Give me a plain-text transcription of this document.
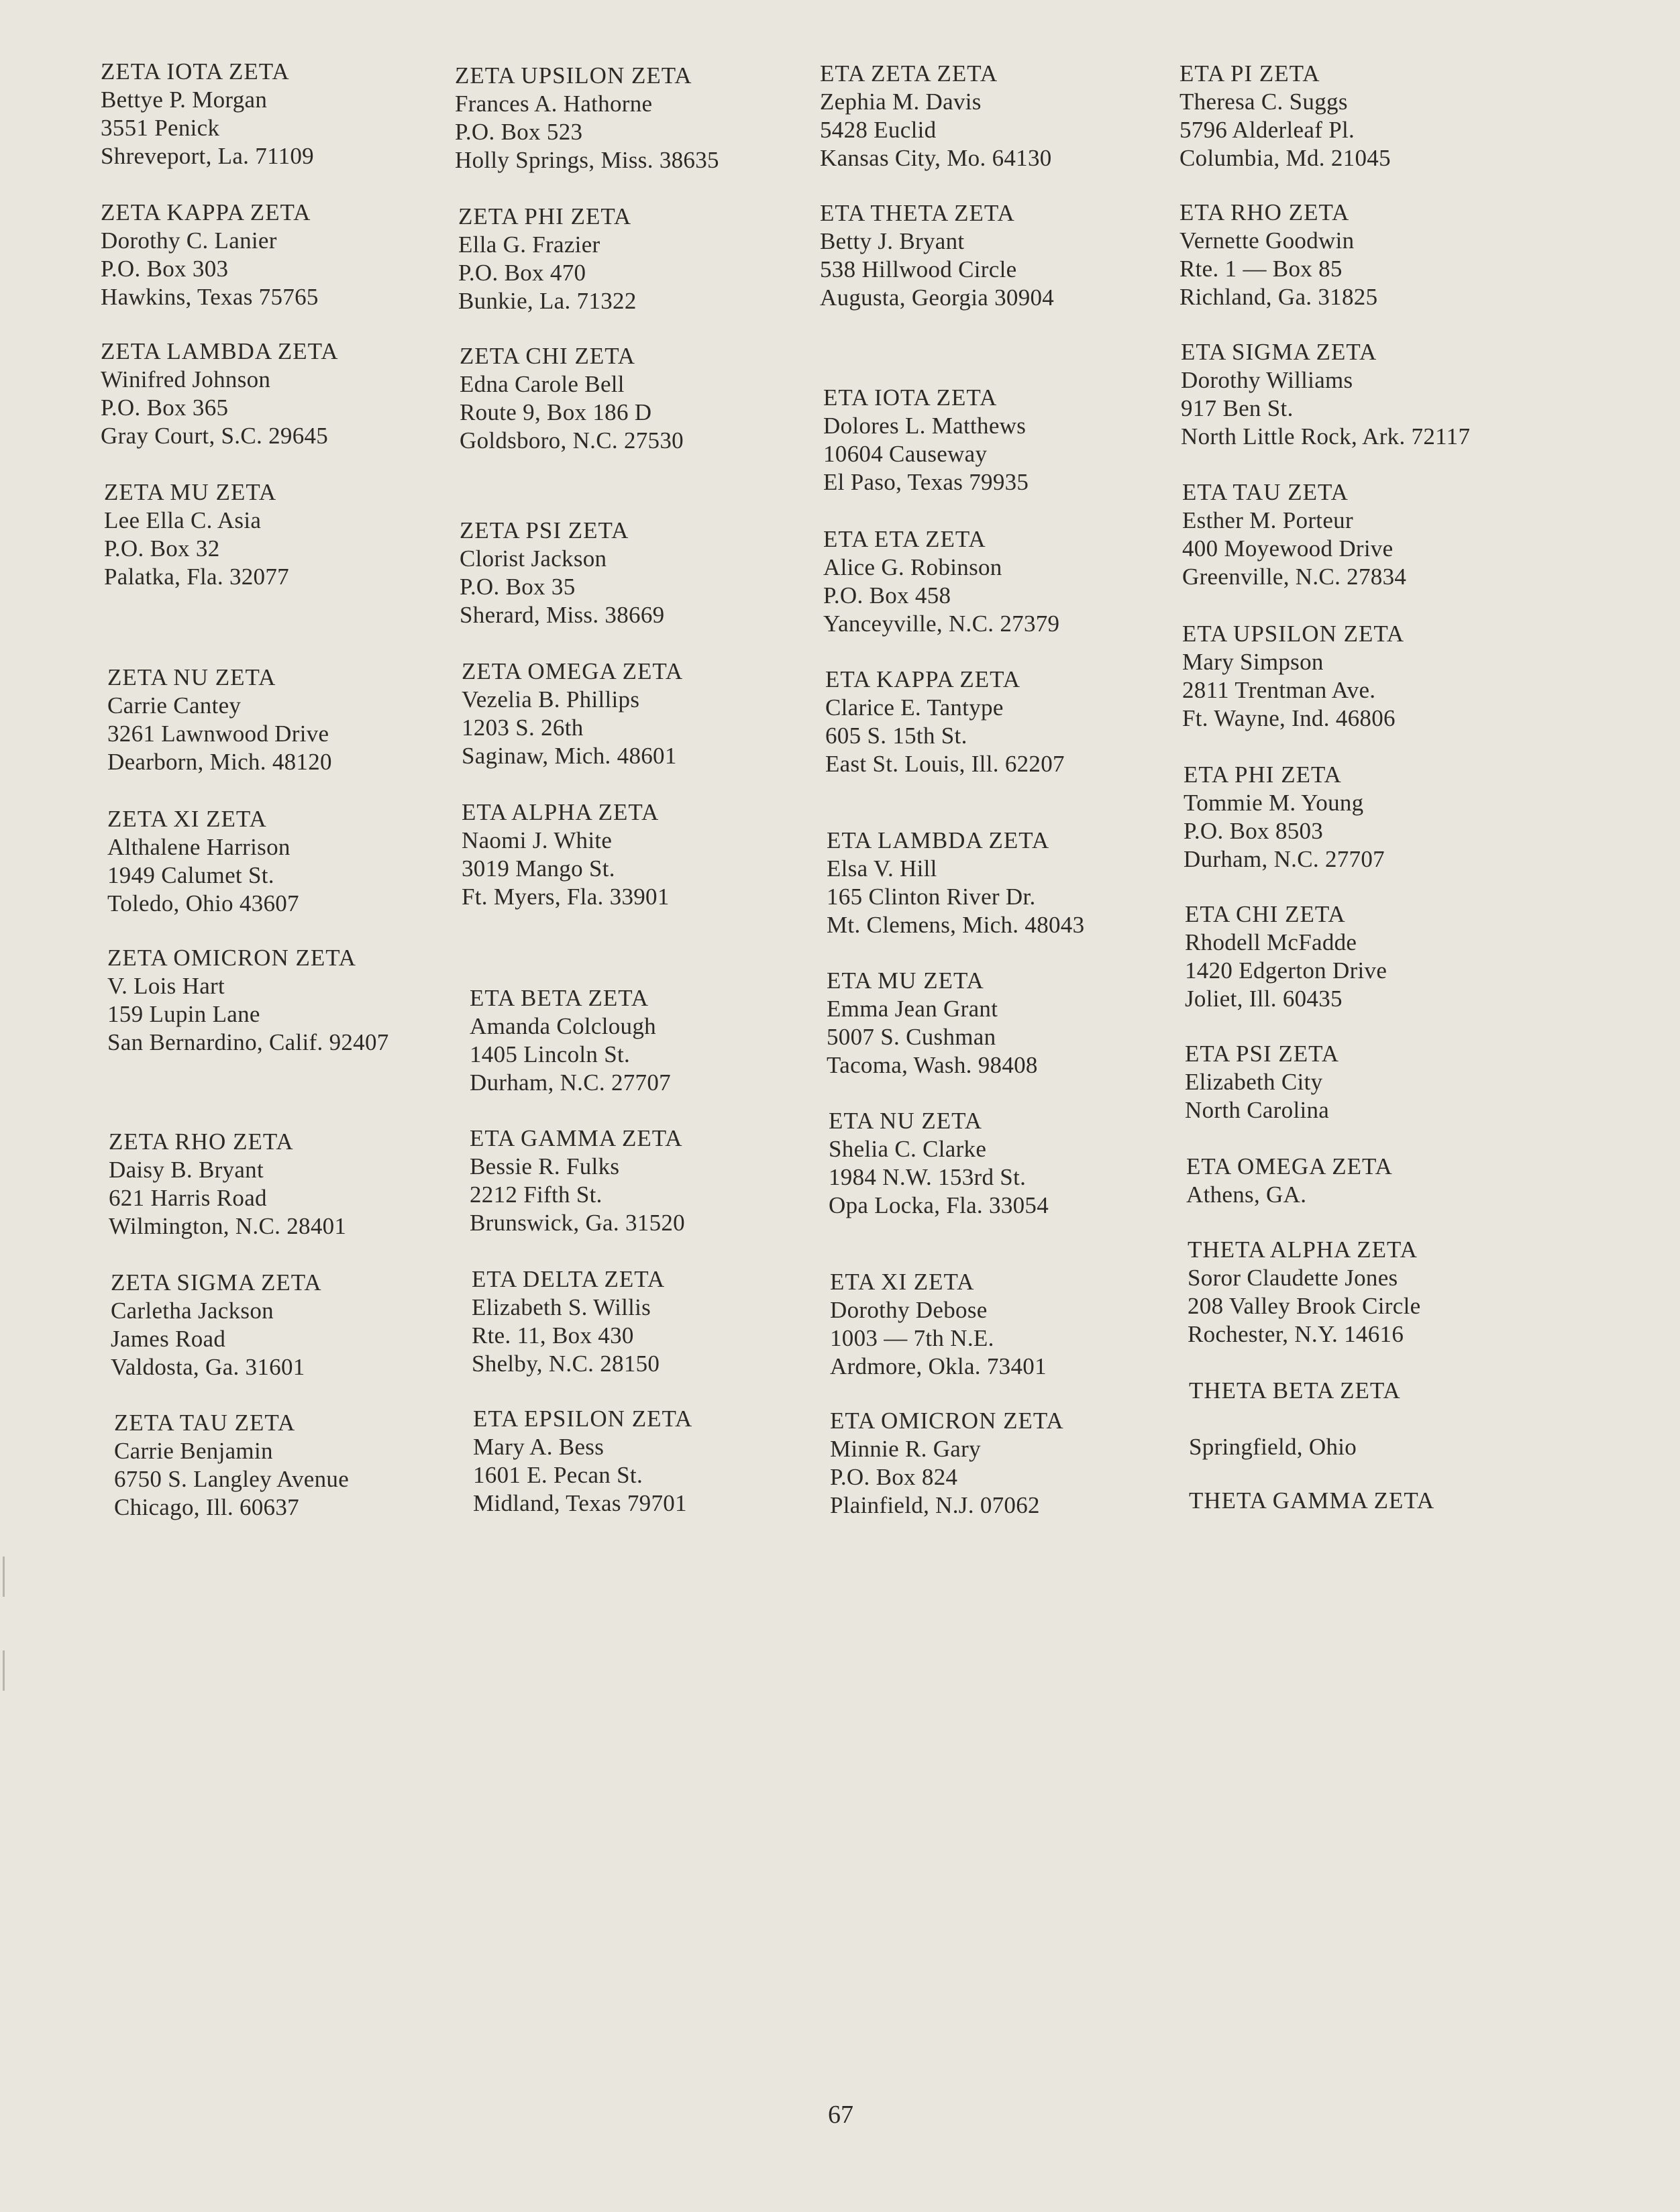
ZETA IOTA ZETA
Bettye P. Morgan
3551 Penick
Shreveport, La. 71109
ZETA KAPPA ZETA
Dorothy C. Lanier
P.O. Box 303
Hawkins, Texas 75765
ZETA LAMBDA ZETA
Winifred Johnson
P.O. Box 365
Gray Court, S.C. 29645
ZETA MU ZETA
Lee Ella C. Asia
P.O. Box 32
Palatka, Fla. 32077
ZETA NU ZETA
Carrie Cantey
3261 Lawnwood Drive
Dearborn, Mich. 48120
ZETA XI ZETA
Althalene Harrison
1949 Calumet St.
Toledo, Ohio 43607
ZETA OMICRON ZETA
V. Lois Hart
159 Lupin Lane
San Bernardino, Calif. 92407
ZETA RHO ZETA
Daisy B. Bryant
621 Harris Road
Wilmington, N.C. 28401
ZETA SIGMA ZETA
Carletha Jackson
James Road
Valdosta, Ga. 31601
ZETA TAU ZETA
Carrie Benjamin
6750 S. Langley Avenue
Chicago, Ill. 60637
ZETA UPSILON ZETA
Frances A. Hathorne
P.O. Box 523
Holly Springs, Miss. 38635
ZETA PHI ZETA
Ella G. Frazier
P.O. Box 470
Bunkie, La. 71322
ZETA CHI ZETA
Edna Carole Bell
Route 9, Box 186 D
Goldsboro, N.C. 27530
ZETA PSI ZETA
Clorist Jackson
P.O. Box 35
Sherard, Miss. 38669
ZETA OMEGA ZETA
Vezelia B. Phillips
1203 S. 26th
Saginaw, Mich. 48601
ETA ALPHA ZETA
Naomi J. White
3019 Mango St.
Ft. Myers, Fla. 33901
ETA BETA ZETA
Amanda Colclough
1405 Lincoln St.
Durham, N.C. 27707
ETA GAMMA ZETA
Bessie R. Fulks
2212 Fifth St.
Brunswick, Ga. 31520
ETA DELTA ZETA
Elizabeth S. Willis
Rte. 11, Box 430
Shelby, N.C. 28150
ETA EPSILON ZETA
Mary A. Bess
1601 E. Pecan St.
Midland, Texas 79701
ETA ZETA ZETA
Zephia M. Davis
5428 Euclid
Kansas City, Mo. 64130
ETA THETA ZETA
Betty J. Bryant
538 Hillwood Circle
Augusta, Georgia 30904
ETA IOTA ZETA
Dolores L. Matthews
10604 Causeway
El Paso, Texas 79935
ETA ETA ZETA
Alice G. Robinson
P.O. Box 458
Yanceyville, N.C. 27379
ETA KAPPA ZETA
Clarice E. Tantype
605 S. 15th St.
East St. Louis, Ill. 62207
ETA LAMBDA ZETA
Elsa V. Hill
165 Clinton River Dr.
Mt. Clemens, Mich. 48043
ETA MU ZETA
Emma Jean Grant
5007 S. Cushman
Tacoma, Wash. 98408
ETA NU ZETA
Shelia C. Clarke
1984 N.W. 153rd St.
Opa Locka, Fla. 33054
ETA XI ZETA
Dorothy Debose
1003 — 7th N.E.
Ardmore, Okla. 73401
ETA OMICRON ZETA
Minnie R. Gary
P.O. Box 824
Plainfield, N.J. 07062
ETA PI ZETA
Theresa C. Suggs
5796 Alderleaf Pl.
Columbia, Md. 21045
ETA RHO ZETA
Vernette Goodwin
Rte. 1 — Box 85
Richland, Ga. 31825
ETA SIGMA ZETA
Dorothy Williams
917 Ben St.
North Little Rock, Ark. 72117
ETA TAU ZETA
Esther M. Porteur
400 Moyewood Drive
Greenville, N.C. 27834
ETA UPSILON ZETA
Mary Simpson
2811 Trentman Ave.
Ft. Wayne, Ind. 46806
ETA PHI ZETA
Tommie M. Young
P.O. Box 8503
Durham, N.C. 27707
ETA CHI ZETA
Rhodell McFadde
1420 Edgerton Drive
Joliet, Ill. 60435
ETA PSI ZETA
Elizabeth City
North Carolina
ETA OMEGA ZETA
Athens, GA.
THETA ALPHA ZETA
Soror Claudette Jones
208 Valley Brook Circle
Rochester, N.Y. 14616
THETA BETA ZETA

Springfield, Ohio
THETA GAMMA ZETA
67
